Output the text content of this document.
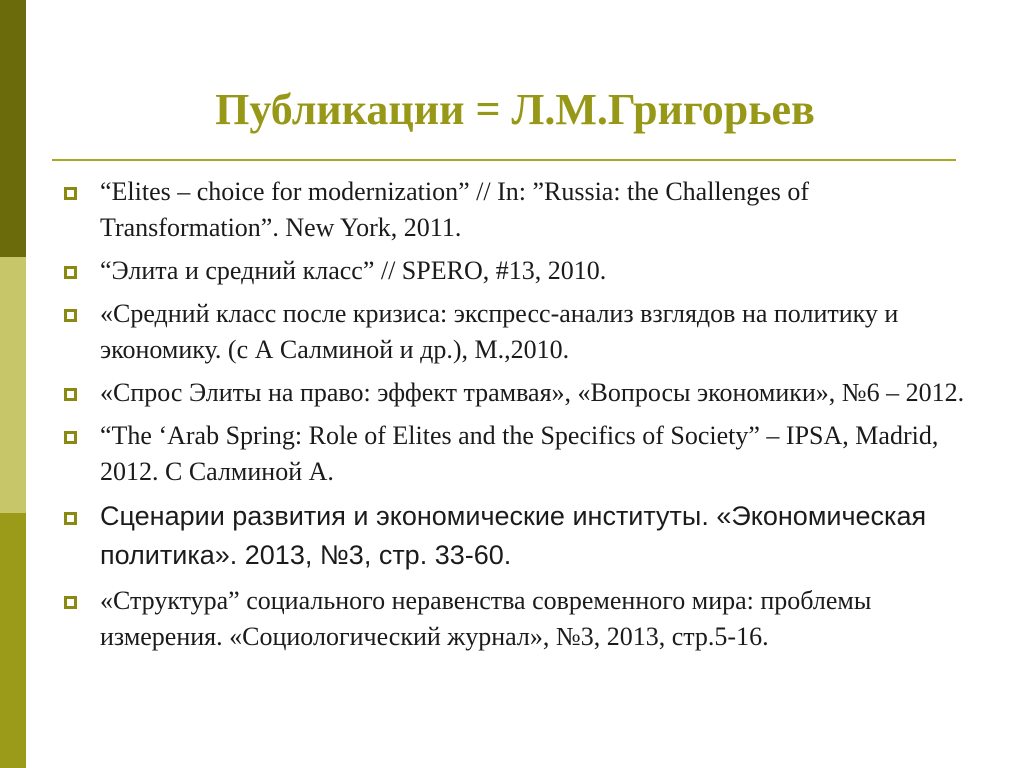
Публикации = Л.М.Григорьев
“Elites – choice for modernization” // In: ”Russia: the Challenges of Transformation”. New York, 2011.
“Элита и средний класс” // SPERO, #13, 2010.
«Средний класс после кризиса: экспресс-анализ взглядов на политику и экономику. (с А Салминой и др.), М.,2010.
«Спрос Элиты на право: эффект трамвая», «Вопросы экономики», №6 – 2012.
“The ‘Arab Spring: Role of Elites and the Specifics of Society” – IPSA, Madrid, 2012. С Салминой А.
Сценарии развития и экономические институты. «Экономическая политика». 2013, №3, стр. 33-60.
«Структура” социального неравенства современного мира: проблемы измерения. «Социологический журнал», №3, 2013, стр.5-16.
